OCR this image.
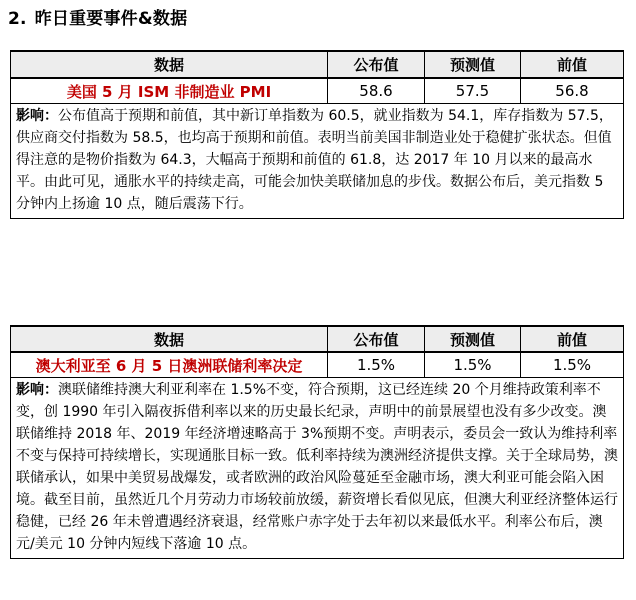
2. 昨日重要事件&数据
数据	公布值	预测值	前值
美国 5 月 ISM 非制造业 PMI	58.6	57.5	56.8
影响：公布值高于预期和前值，其中新订单指数为 60.5，就业指数为 54.1，库存指数为 57.5，供应商交付指数为 58.5，也均高于预期和前值。表明当前美国非制造业处于稳健扩张状态。但值得注意的是物价指数为 64.3，大幅高于预期和前值的 61.8，达 2017 年 10 月以来的最高水平。由此可见，通胀水平的持续走高，可能会加快美联储加息的步伐。数据公布后，美元指数 5 分钟内上扬逾 10 点，随后震荡下行。			
数据	公布值	预测值	前值
澳大利亚至 6 月 5 日澳洲联储利率决定	1.5%	1.5%	1.5%
影响：澳联储维持澳大利亚利率在 1.5%不变，符合预期，这已经连续 20 个月维持政策利率不变，创 1990 年引入隔夜拆借利率以来的历史最长纪录，声明中的前景展望也没有多少改变。澳联储维持 2018 年、2019 年经济增速略高于 3%预期不变。声明表示，委员会一致认为维持利率不变与保持可持续增长，实现通胀目标一致。低利率持续为澳洲经济提供支撑。关于全球局势，澳联储承认，如果中美贸易战爆发，或者欧洲的政治风险蔓延至金融市场，澳大利亚可能会陷入困境。截至目前，虽然近几个月劳动力市场较前放缓，薪资增长看似见底，但澳大利亚经济整体运行稳健，已经 26 年未曾遭遇经济衰退，经常账户赤字处于去年初以来最低水平。利率公布后，澳元/美元 10 分钟内短线下落逾 10 点。			
